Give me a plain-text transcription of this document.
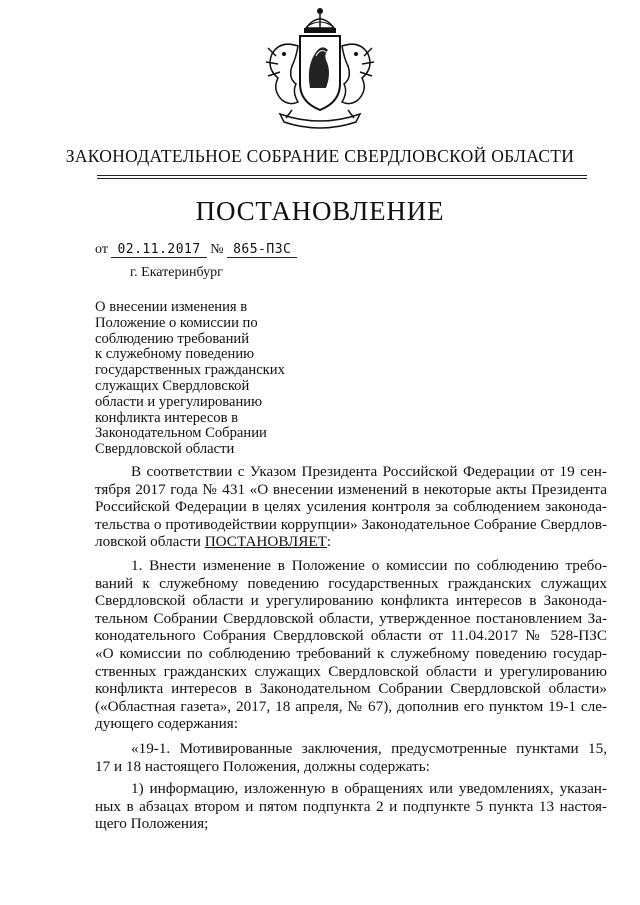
ЗАКОНОДАТЕЛЬНОЕ СОБРАНИЕ СВЕРДЛОВСКОЙ ОБЛАСТИ
ПОСТАНОВЛЕНИЕ
от 02.11.2017 № 865-ПЗС
г. Екатеринбург
О внесении изменения в
Положение о комиссии по
соблюдению требований
к служебному поведению
государственных гражданских
служащих Свердловской
области и урегулированию
конфликта интересов в
Законодательном Собрании
Свердловской области
В соответствии с Указом Президента Российской Федерации от 19 сен-
тября 2017 года № 431 «О внесении изменений в некоторые акты Президента
Российской Федерации в целях усиления контроля за соблюдением законода-
тельства о противодействии коррупции» Законодательное Собрание Свердлов-
ловской области ПОСТАНОВЛЯЕТ:
1. Внести изменение в Положение о комиссии по соблюдению требо-
ваний к служебному поведению государственных гражданских служащих
Свердловской области и урегулированию конфликта интересов в Законода-
тельном Собрании Свердловской области, утвержденное постановлением За-
конодательного Собрания Свердловской области от 11.04.2017 № 528-ПЗС
«О комиссии по соблюдению требований к служебному поведению государ-
ственных гражданских служащих Свердловской области и урегулированию
конфликта интересов в Законодательном Собрании Свердловской области»
(«Областная газета», 2017, 18 апреля, № 67), дополнив его пунктом 19-1 сле-
дующего содержания:
«19-1. Мотивированные заключения, предусмотренные пунктами 15,
17 и 18 настоящего Положения, должны содержать:
1) информацию, изложенную в обращениях или уведомлениях, указан-
ных в абзацах втором и пятом подпункта 2 и подпункте 5 пункта 13 настоя-
щего Положения;
